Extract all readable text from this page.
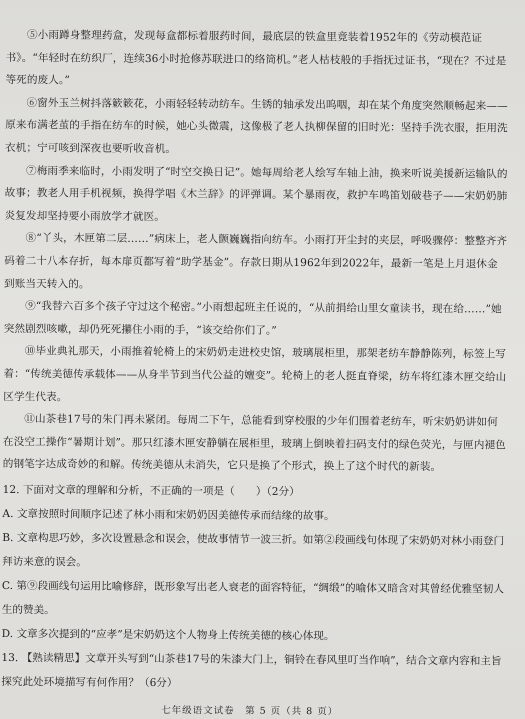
⑤小雨蹲身整理药盒，发现每盒都标着服药时间，最底层的铁盒里竟装着1952年的《劳动模范证书》。“年轻时在纺织厂，连续36小时抢修苏联进口的络筒机。”老人枯枝般的手指抚过证书，“现在？不过是等死的废人。”

⑥窗外玉兰树抖落簌簌花，小雨轻轻转动纺车。生锈的轴承发出呜咽，却在某个角度突然顺畅起来——原来布满老茧的手指在纺车的时候，她心头微震，这像极了老人执柳保留的旧时光：坚持手洗衣服，拒用洗衣机；宁可咳到深夜也要听收音机。

⑦梅雨季来临时，小雨发明了“时空交换日记”。她每周给老人绘写车轴上油，换来听说美援新运输队的故事；教老人用手机视频，换得学唱《木兰辞》的评弹调。某个暴雨夜，救护车鸣笛划破巷子——宋奶奶肺炎复发却坚持要小雨放学才就医。

⑧“丫头，木匣第二层……”病床上，老人颤巍巍指向纺车。小雨打开尘封的夹层，呼吸骤停：整整齐齐码着二十八本存折，每本扉页都写着“助学基金”。存款日期从1962年到2022年，最新一笔是上月退休金到账当天转入的。

⑨“我替六百多个孩子守过这个秘密。”小雨想起班主任说的，“从前捐给山里女童读书，现在给……”她突然剧烈咳嗽，却仍死死攥住小雨的手，“该交给你们了。”

⑩毕业典礼那天，小雨推着轮椅上的宋奶奶走进校史馆，玻璃展柜里，那架老纺车静静陈列，标签上写着：“传统美德传承载体——从身半节到当代公益的嬗变”。轮椅上的老人挺直脊梁，纺车将红漆木匣交给山区学生代表。

⑪山茶巷17号的朱门再未紧闭。每周二下午，总能看到穿校服的少年们围着老纺车，听宋奶奶讲如何在没空工操作“暑期计划”。那只红漆木匣安静躺在展柜里，玻璃上倒映着扫码支付的绿色荧光，与匣内褪色的钢笔字达成奇妙的和解。传统美德从未消失，它只是换了个形式，换上了这个时代的新装。

12. 下面对文章的理解和分析，不正确的一项是（　　）（2分）

A. 文章按照时间顺序记述了林小雨和宋奶奶因美德传承而结缘的故事。

B. 文章构思巧妙，多次设置悬念和误会，使故事情节一波三折。如第②段画线句体现了宋奶奶对林小雨登门拜访来意的误会。

C. 第⑨段画线句运用比喻修辞，既形象写出老人衰老的面容特征，“绸缎”的喻体又暗含对其曾经优雅坚韧人生的赞美。

D. 文章多次提到的“应孝”是宋奶奶这个人物身上传统美德的核心体现。

13. 【熟读精思】文章开头写到“山茶巷17号的朱漆大门上，铜铃在春风里叮当作响”，结合文章内容和主旨探究此处环境描写有何作用？（6分）

七年级语文试卷　第 5 页（共 8 页）
